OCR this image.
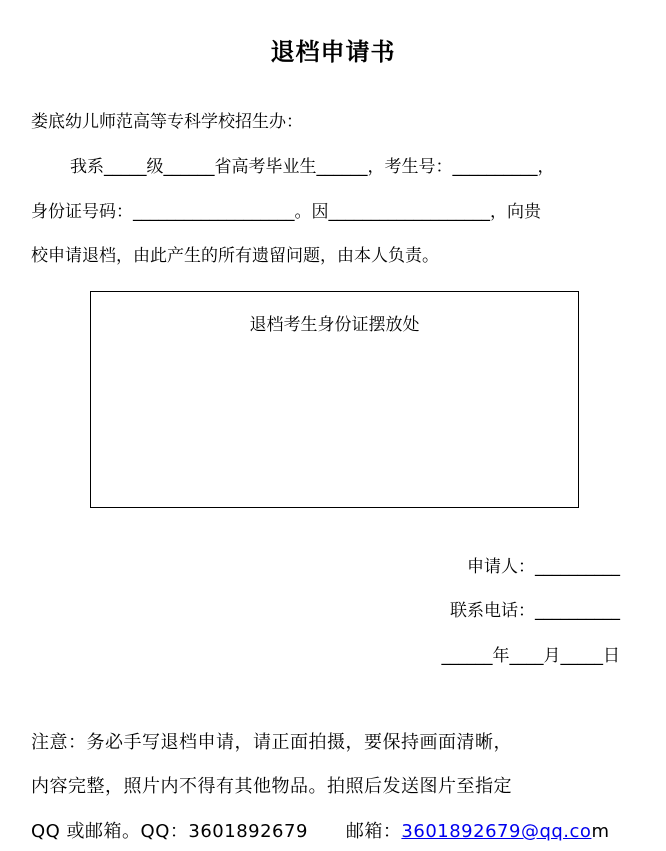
退档申请书
娄底幼儿师范高等专科学校招生办：
我系_____级______省高考毕业生______，考生号：__________，
身份证号码：___________________。因___________________，向贵
校申请退档，由此产生的所有遗留问题，由本人负责。
退档考生身份证摆放处
申请人：__________
联系电话：__________
______年____月_____日
注意：务必手写退档申请，请正面拍摄，要保持画面清晰，
内容完整，照片内不得有其他物品。拍照后发送图片至指定
QQ 或邮箱。QQ：3601892679 邮箱：3601892679@qq.com
